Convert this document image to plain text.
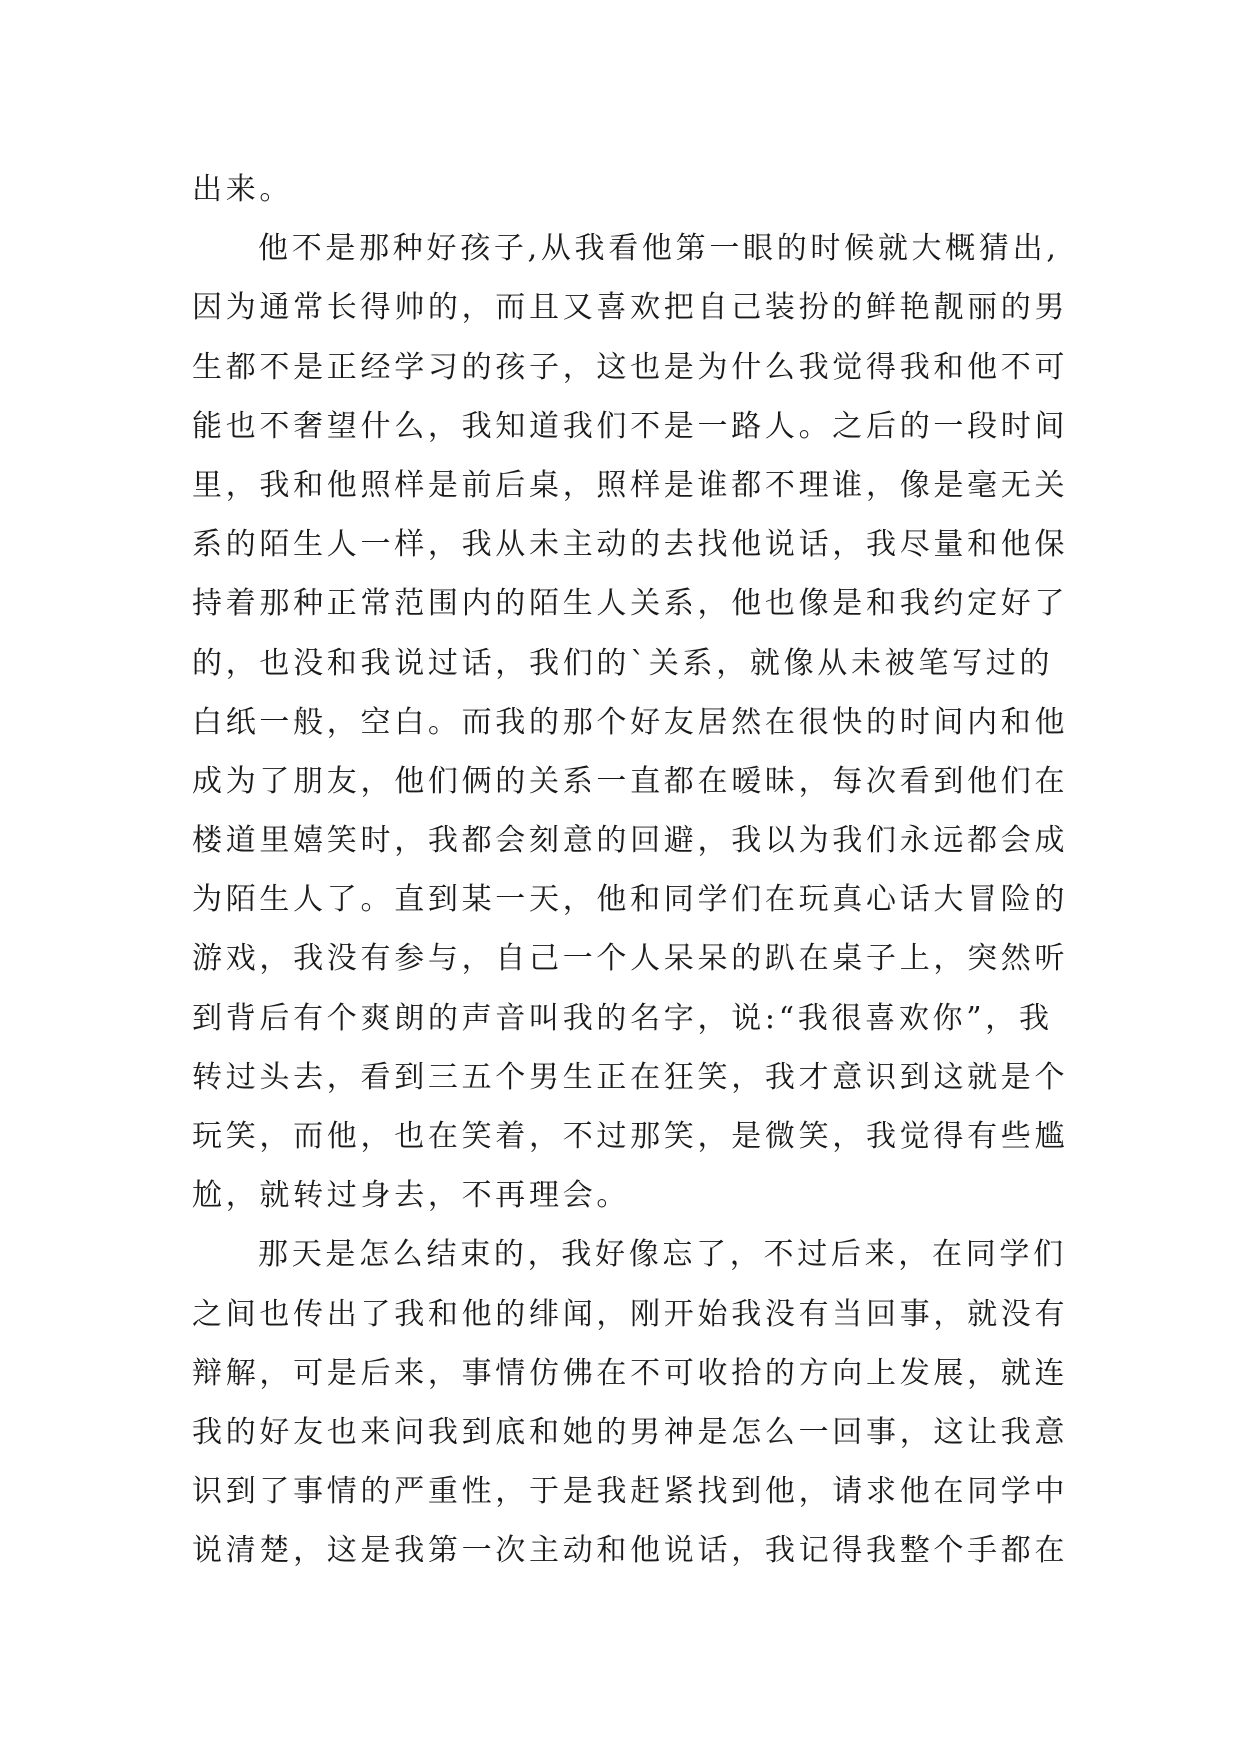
出来。

他不是那种好孩子,从我看他第一眼的时候就大概猜出,
因为通常长得帅的，而且又喜欢把自己装扮的鲜艳靓丽的男
生都不是正经学习的孩子，这也是为什么我觉得我和他不可
能也不奢望什么，我知道我们不是一路人。之后的一段时间
里，我和他照样是前后桌，照样是谁都不理谁，像是毫无关
系的陌生人一样，我从未主动的去找他说话，我尽量和他保
持着那种正常范围内的陌生人关系，他也像是和我约定好了
的，也没和我说过话，我们的`关系，就像从未被笔写过的
白纸一般，空白。而我的那个好友居然在很快的时间内和他
成为了朋友，他们俩的关系一直都在暧昧，每次看到他们在
楼道里嬉笑时，我都会刻意的回避，我以为我们永远都会成
为陌生人了。直到某一天，他和同学们在玩真心话大冒险的
游戏，我没有参与，自己一个人呆呆的趴在桌子上，突然听
到背后有个爽朗的声音叫我的名字，说:“我很喜欢你”，我
转过头去，看到三五个男生正在狂笑，我才意识到这就是个
玩笑，而他，也在笑着，不过那笑，是微笑，我觉得有些尴
尬，就转过身去，不再理会。

那天是怎么结束的，我好像忘了，不过后来，在同学们
之间也传出了我和他的绯闻，刚开始我没有当回事，就没有
辩解，可是后来，事情仿佛在不可收拾的方向上发展，就连
我的好友也来问我到底和她的男神是怎么一回事，这让我意
识到了事情的严重性，于是我赶紧找到他，请求他在同学中
说清楚，这是我第一次主动和他说话，我记得我整个手都在
